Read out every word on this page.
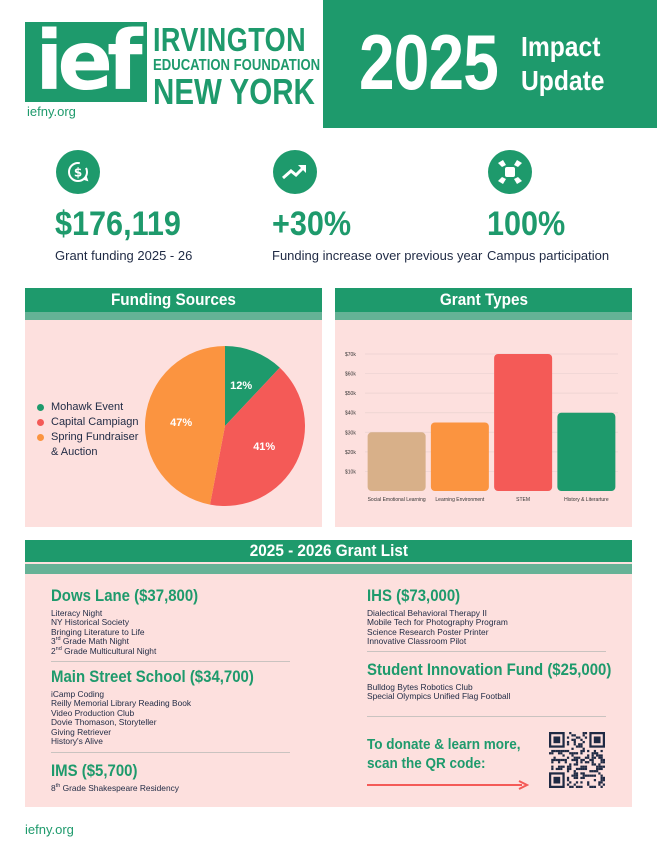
ief IRVINGTON
EDUCATION FOUNDATION
NEW YORK
iefny.org
2025 Impact
Update
$
$176,119
Grant funding 2025 - 26
+30%
Funding increase over previous year
100%
Campus participation
Funding Sources
Mohawk Event
Capital Campiagn
Spring Fundraiser
& Auction
12%
41%
47%
Grant Types
$10k
$20k
$30k
$40k
$50k
$60k
$70k
Social Emotional Learning Learning Environment	STEM	History & Literarture
2025 - 2026 Grant List
Dows Lane ($37,800)
Literacy Night
NY Historical Society
Bringing Literature to Life
3rd Grade Math Night
2nd Grade Multicultural Night
Main Street School ($34,700)
iCamp Coding
Reilly Memorial Library Reading Book
Video Production Club
Dovie Thomason, Storyteller
Giving Retriever
History's Alive
IMS ($5,700)
8th Grade Shakespeare Residency
IHS ($73,000)
Dialectical Behavioral Therapy II
Mobile Tech for Photography Program
Science Research Poster Printer
Innovative Classroom Pilot
Student Innovation Fund ($25,000)
Bulldog Bytes Robotics Club
Special Olympics Unified Flag Football
To donate & learn more,
scan the QR code:
iefny.org
